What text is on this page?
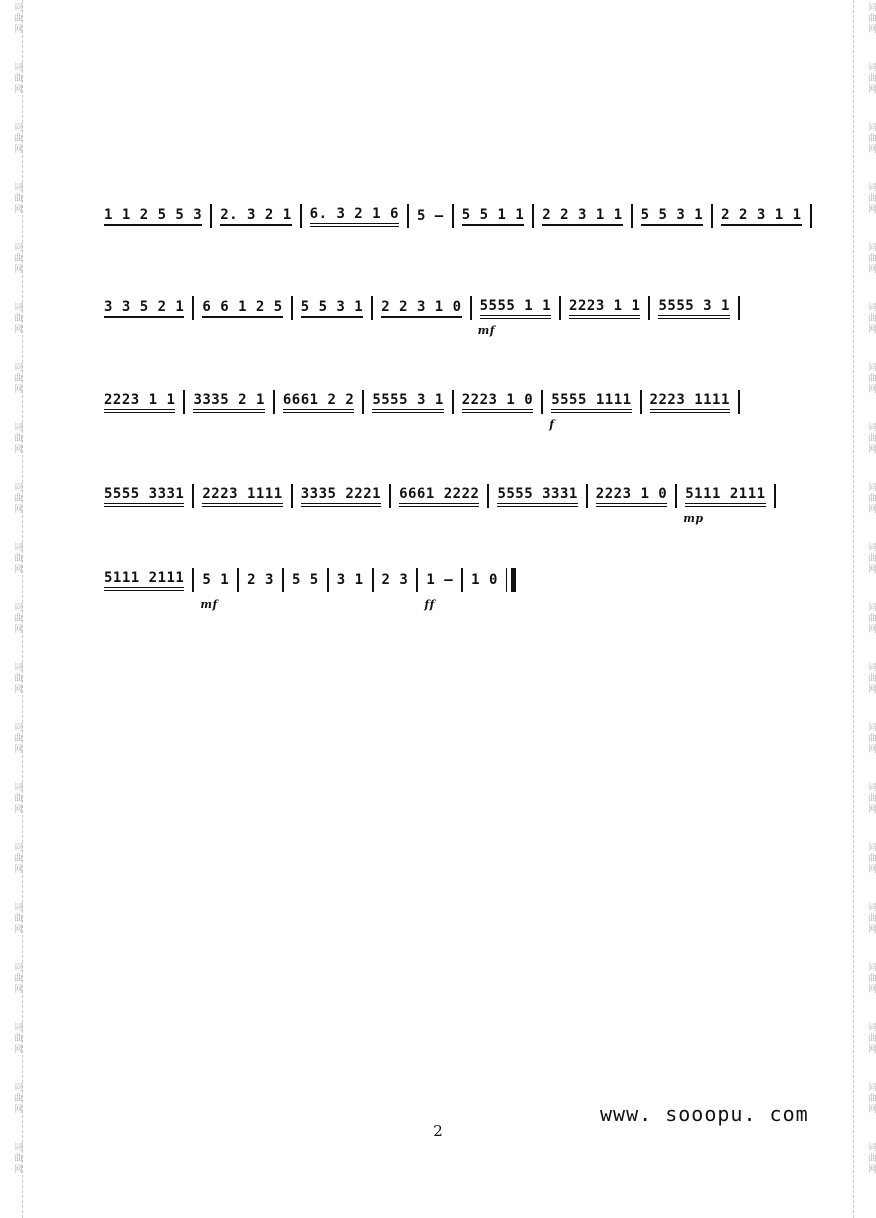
词曲网
词曲网
词曲网
词曲网
词曲网
词曲网
词曲网
词曲网
词曲网
词曲网
词曲网
词曲网
词曲网
词曲网
词曲网
词曲网
词曲网
词曲网
词曲网
词曲网
词曲网
词曲网
词曲网
词曲网
词曲网
词曲网
词曲网
词曲网
词曲网
词曲网
词曲网
词曲网
词曲网
词曲网
词曲网
词曲网
词曲网
词曲网
词曲网
词曲网
1 1 2 5 5 3 2. 3 2 1 6. 3 2 1 6 5 – 5 5 1 1 2 2 3 1 1 5 5 3 1 2 2 3 1 1
3 3 5 2 1 6 6 1 2 5 5 5 3 1 2 2 3 1 0 5555 1 1
mf
2223 1 1 5555 3 1
2223 1 1 3335 2 1 6661 2 2 5555 3 1 2223 1 0 5555 1111
f
2223 1111
5555 3331 2223 1111 3335 2221 6661 2222 5555 3331 2223 1 0 5111 2111
mp
5111 2111 5 1
mf
2 3 5 5 3 1 2 3 1 –
ff
1 0
www. sooopu. com
2
